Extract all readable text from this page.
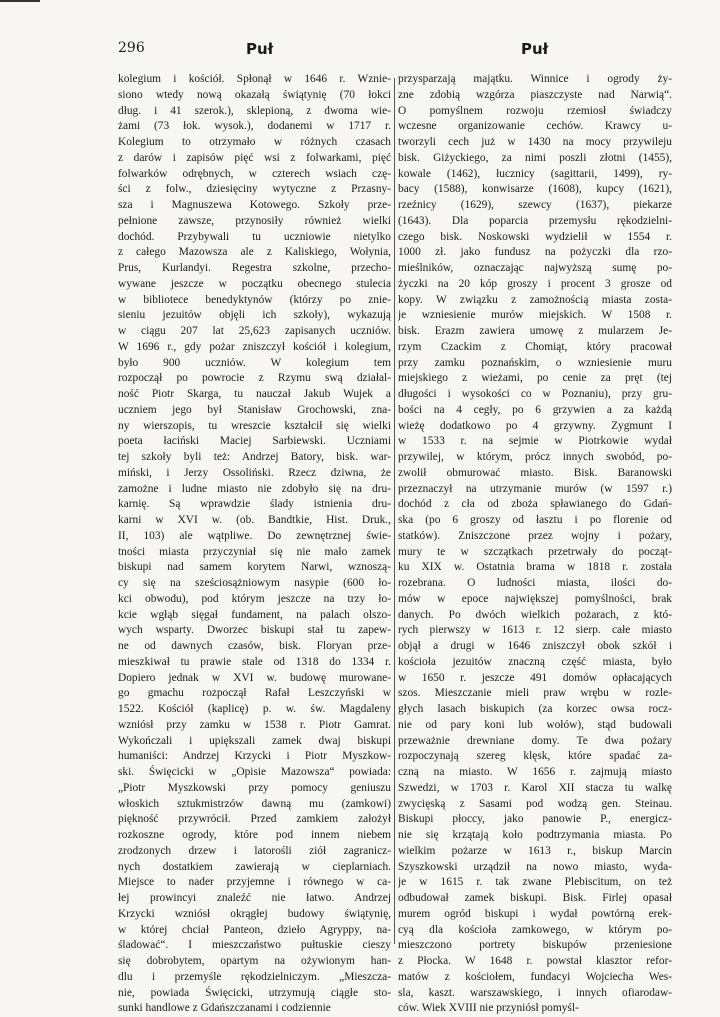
296	Puł	Puł
kolegium i kościół. Spłonął w 1646 r. Wznie-
siono wtedy nową okazałą świątynię (70 łokci
dług. i 41 szerok.), sklepioną, z dwoma wie-
żami (73 łok. wysok.), dodanemi w 1717 r.
Kolegium to otrzymało w różnych czasach
z darów i zapisów pięć wsi z folwarkami, pięć
folwarków odrębnych, w czterech wsiach czę-
ści z folw., dziesięciny wytyczne z Przasny-
sza i Magnuszewa Kotowego. Szkoły prze-
pełnione zawsze, przynosiły również wielki
dochód. Przybywali tu uczniowie nietylko
z całego Mazowsza ale z Kaliskiego, Wołynia,
Prus, Kurlandyi. Regestra szkolne, przecho-
wywane jeszcze w początku obecnego stulecia
w bibliotece benedyktynów (którzy po znie-
sieniu jezuitów objęli ich szkoły), wykazują
w ciągu 207 lat 25,623 zapisanych uczniów.
W 1696 r., gdy pożar zniszczył kościół i kolegium,
było 900 uczniów. W kolegium tem
rozpoczął po powrocie z Rzymu swą działal-
ność Piotr Skarga, tu nauczał Jakub Wujek a
uczniem jego był Stanisław Grochowski, zna-
ny wierszopis, tu wreszcie kształcił się wielki
poeta łaciński Maciej Sarbiewski. Uczniami
tej szkoły byli też: Andrzej Batory, bisk. war-
miński, i Jerzy Ossoliński. Rzecz dziwna, że
zamożne i ludne miasto nie zdobyło się na dru-
karnię. Są wprawdzie ślady istnienia dru-
karni w XVI w. (ob. Bandtkie, Hist. Druk.,
II, 103) ale wątpliwe. Do zewnętrznej świe-
tności miasta przyczyniał się nie mało zamek
biskupi nad samem korytem Narwi, wznoszą-
cy się na sześciosążniowym nasypie (600 ło-
kci obwodu), pod którym jeszcze na trzy ło-
kcie wgłąb sięgał fundament, na palach olszo-
wych wsparty. Dworzec biskupi stał tu zapew-
ne od dawnych czasów, bisk. Floryan prze-
mieszkiwał tu prawie stale od 1318 do 1334 r.
Dopiero jednak w XVI w. budowę murowane-
go gmachu rozpoczął Rafał Leszczyński w
1522. Kościół (kaplicę) p. w. św. Magdaleny
wzniósł przy zamku w 1538 r. Piotr Gamrat.
Wykończali i upiększali zamek dwaj biskupi
humaniści: Andrzej Krzycki i Piotr Myszkow-
ski. Święcicki w „Opisie Mazowsza“ powiada:
„Piotr Myszkowski przy pomocy geniuszu
włoskich sztukmistrzów dawną mu (zamkowi)
piękność przywrócił. Przed zamkiem założył
rozkoszne ogrody, które pod innem niebem
zrodzonych drzew i latorośli ziół zagranicz-
nych dostatkiem zawierają w cieplarniach.
Miejsce to nader przyjemne i równego w ca-
łej prowincyi znaleźć nie łatwo. Andrzej
Krzycki wzniósł okrągłej budowy świątynię,
w której chciał Panteon, dzieło Agryppy, na-
śladować“. I mieszczaństwo pułtuskie cieszy
się dobrobytem, opartym na ożywionym han-
dlu i przemyśle rękodzielniczym. „Mieszcza-
nie, powiada Święcicki, utrzymują ciągłe sto-
sunki handlowe z Gdańszczanami i codziennie
przysparzają majątku. Winnice i ogrody ży-
zne zdobią wzgórza piaszczyste nad Narwią“.
O pomyślnem rozwoju rzemiosł świadczy
wczesne organizowanie cechów. Krawcy u-
tworzyli cech już w 1430 na mocy przywileju
bisk. Giżyckiego, za nimi poszli złotni (1455),
kowale (1462), łucznicy (sagittarii, 1499), ry-
bacy (1588), konwisarze (1608), kupcy (1621),
rzeźnicy (1629), szewcy (1637), piekarze
(1643). Dla poparcia przemysłu rękodzielni-
czego bisk. Noskowski wydzielił w 1554 r.
1000 zł. jako fundusz na pożyczki dla rzo-
mieślników, oznaczając najwyższą sumę po-
życzki na 20 kóp groszy i procent 3 grosze od
kopy. W związku z zamożnością miasta zosta-
je wzniesienie murów miejskich. W 1508 r.
bisk. Erazm zawiera umowę z mularzem Je-
rzym Czackim z Chomiąt, który pracował
przy zamku poznańskim, o wzniesienie muru
miejskiego z wieżami, po cenie za pręt (tej
długości i wysokości co w Poznaniu), przy gru-
bości na 4 cegły, po 6 grzywien a za każdą
wieżę dodatkowo po 4 grzywny. Zygmunt I
w 1533 r. na sejmie w Piotrkowie wydał
przywilej, w którym, prócz innych swobód, po-
zwolił obmurować miasto. Bisk. Baranowski
przeznaczył na utrzymanie murów (w 1597 r.)
dochód z cła od zboża spławianego do Gdań-
ska (po 6 groszy od łasztu i po florenie od
statków). Zniszczone przez wojny i pożary,
mury te w szczątkach przetrwały do począt-
ku XIX w. Ostatnia brama w 1818 r. została
rozebrana. O ludności miasta, ilości do-
mów w epoce największej pomyślności, brak
danych. Po dwóch wielkich pożarach, z któ-
rych pierwszy w 1613 r. 12 sierp. całe miasto
objął a drugi w 1646 zniszczył obok szkół i
kościoła jezuitów znaczną część miasta, było
w 1650 r. jeszcze 491 domów opłacających
szos. Mieszczanie mieli praw wrębu w rozle-
głych lasach biskupich (za korzec owsa rocz-
nie od pary koni lub wołów), stąd budowali
przeważnie drewniane domy. Te dwa pożary
rozpoczynają szereg klęsk, które spadać za-
czną na miasto. W 1656 r. zajmują miasto
Szwedzi, w 1703 r. Karol XII stacza tu walkę
zwycięską z Sasami pod wodzą gen. Steinau.
Biskupi płoccy, jako panowie P., energicz-
nie się krzątają koło podtrzymania miasta. Po
wielkim pożarze w 1613 r., biskup Marcin
Szyszkowski urządził na nowo miasto, wyda-
je w 1615 r. tak zwane Plebiscitum, on też
odbudował zamek biskupi. Bisk. Firlej opasał
murem ogród biskupi i wydał powtórną erek-
cyą dla kościoła zamkowego, w którym po-
mieszczono portrety biskupów przeniesione
z Płocka. W 1648 r. powstał klasztor refor-
matów z kościołem, fundacyi Wojciecha Wes-
sla, kaszt. warszawskiego, i innych ofiarodaw-
ców. Wiek XVIII nie przyniósł pomyśl-
